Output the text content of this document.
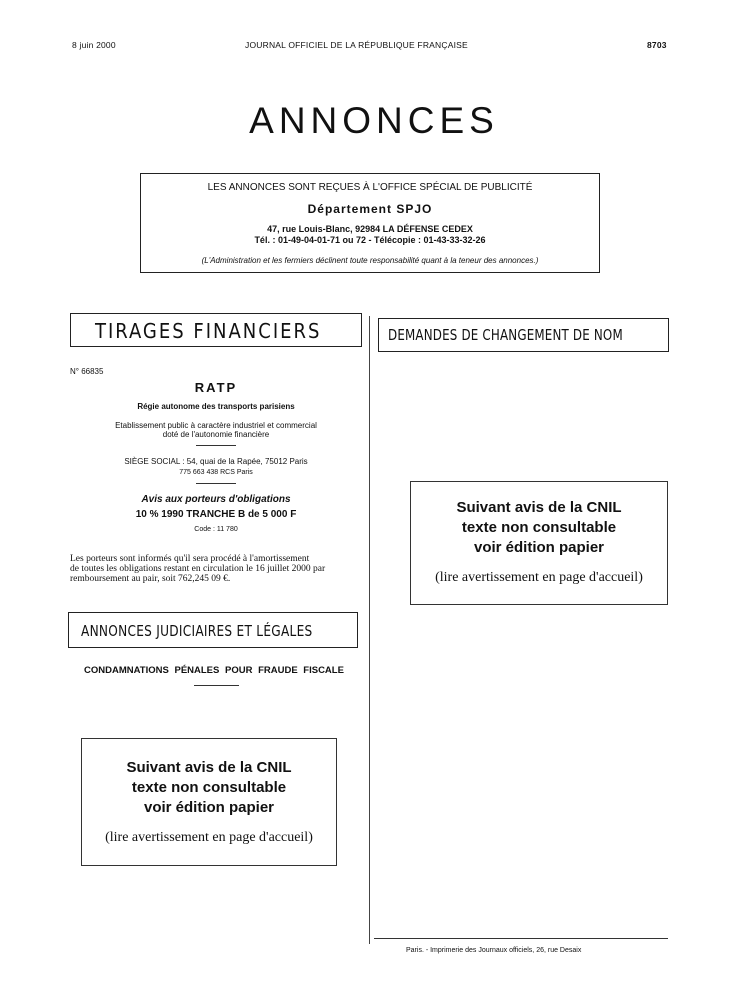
8 juin 2000	JOURNAL OFFICIEL DE LA RÉPUBLIQUE FRANÇAISE	8703
ANNONCES
LES ANNONCES SONT REÇUES À L'OFFICE SPÉCIAL DE PUBLICITÉ
Département SPJO
47, rue Louis-Blanc, 92984 LA DÉFENSE CEDEX
Tél. : 01-49-04-01-71 ou 72 - Télécopie : 01-43-33-32-26
(L'Administration et les fermiers déclinent toute responsabilité quant à la teneur des annonces.)
TIRAGES FINANCIERS
N° 66835
RATP
Régie autonome des transports parisiens
Etablissement public à caractère industriel et commercial
doté de l'autonomie financière
SIÈGE SOCIAL : 54, quai de la Rapée, 75012 Paris
775 663 438 RCS Paris
Avis aux porteurs d'obligations
10 % 1990 TRANCHE B de 5 000 F
Code : 11 780
Les porteurs sont informés qu'il sera procédé à l'amortissement
de toutes les obligations restant en circulation le 16 juillet 2000 par
remboursement au pair, soit 762,245 09 €.
ANNONCES JUDICIAIRES ET LÉGALES
CONDAMNATIONS PÉNALES POUR FRAUDE FISCALE
Suivant avis de la CNIL
texte non consultable
voir édition papier
(lire avertissement en page d'accueil)
DEMANDES DE CHANGEMENT DE NOM
Suivant avis de la CNIL
texte non consultable
voir édition papier
(lire avertissement en page d'accueil)
Paris. - Imprimerie des Journaux officiels, 26, rue Desaix
